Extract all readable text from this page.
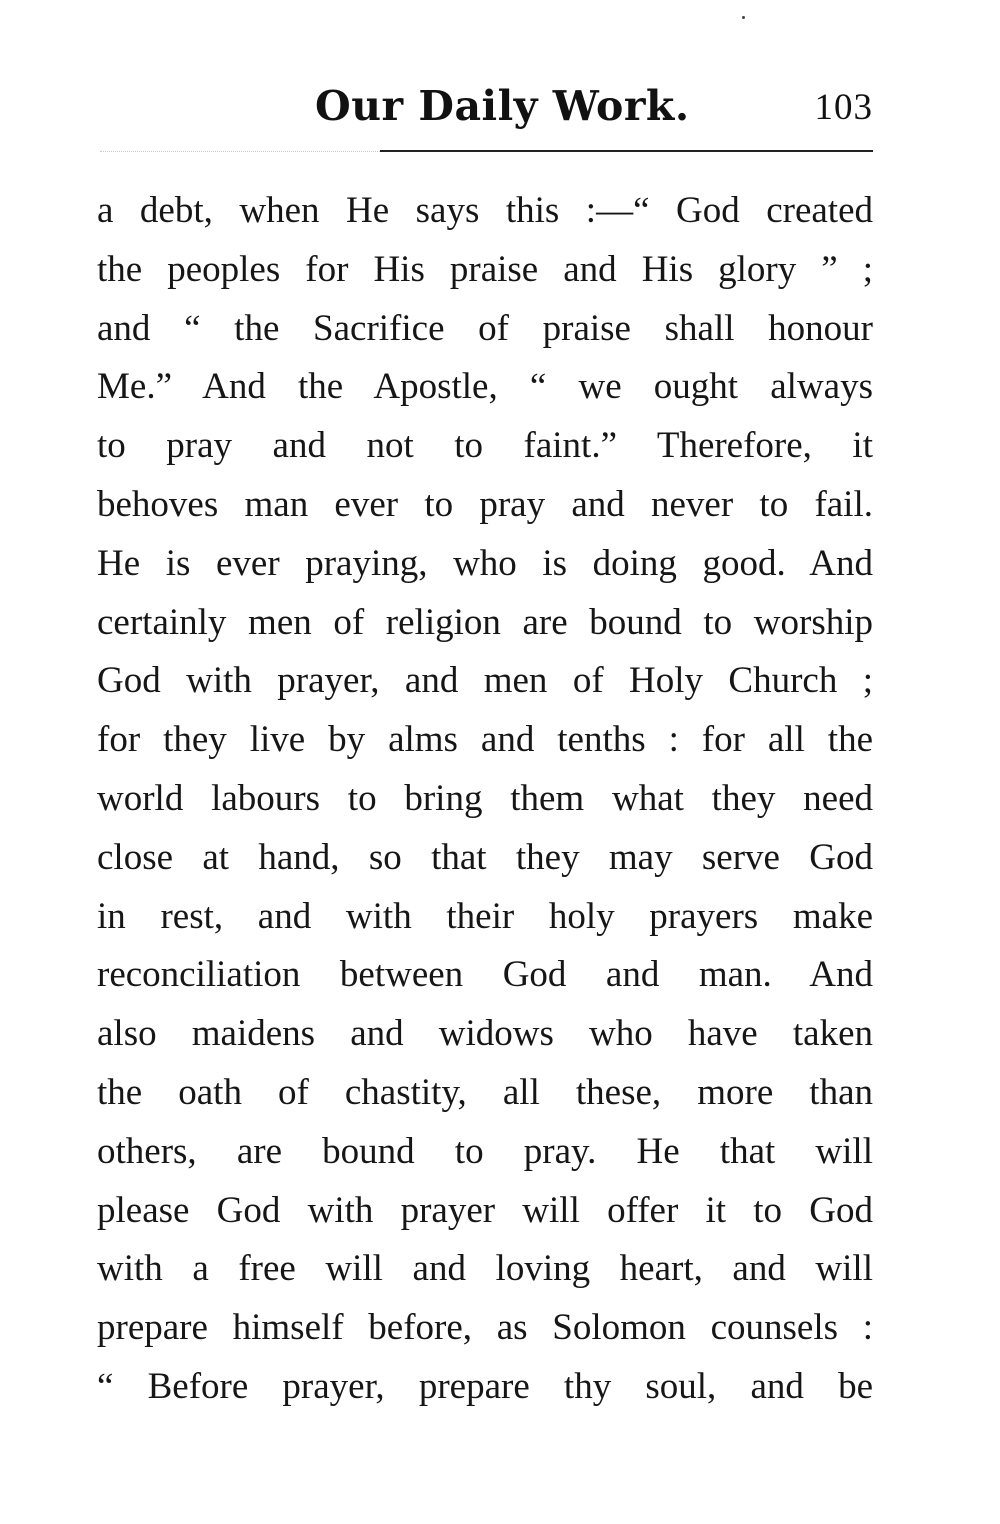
Our Daily Work.	103
a debt, when He says this :—“ God created
the peoples for His praise and His glory ” ;
and “ the Sacrifice of praise shall honour
Me.” And the Apostle, “ we ought always
to pray and not to faint.” Therefore, it
behoves man ever to pray and never to fail.
He is ever praying, who is doing good. And
certainly men of religion are bound to worship
God with prayer, and men of Holy Church ;
for they live by alms and tenths : for all the
world labours to bring them what they need
close at hand, so that they may serve God
in rest, and with their holy prayers make
reconciliation between God and man. And
also maidens and widows who have taken
the oath of chastity, all these, more than
others, are bound to pray. He that will
please God with prayer will offer it to God
with a free will and loving heart, and will
prepare himself before, as Solomon counsels :
“ Before prayer, prepare thy soul, and be
